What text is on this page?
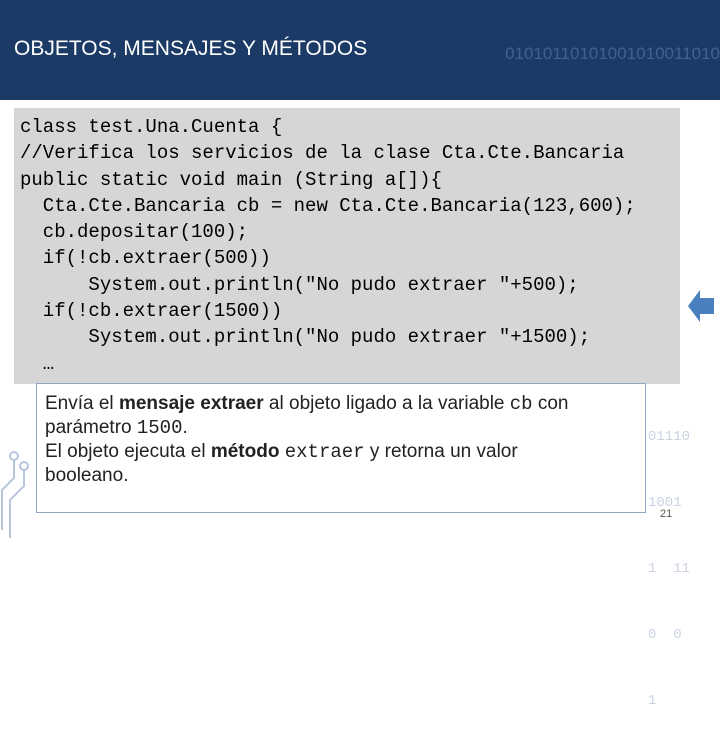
01010110101001010011010

OBJETOS, MENSAJES Y MÉTODOS

01110

1001

1  11

0  0

1

class test.Una.Cuenta {
//Verifica los servicios de la clase Cta.Cte.Bancaria
public static void main (String a[]){
Cta.Cte.Bancaria cb = new Cta.Cte.Bancaria(123,600);
cb.depositar(100);
if(!cb.extraer(500))
System.out.println("No pudo extraer "+500);
if(!cb.extraer(1500))
System.out.println("No pudo extraer "+1500);
…
Envía el mensaje extraer al objeto ligado a la variable cb con
parámetro 1500.
El objeto ejecuta el método extraer y retorna un valor
booleano.
21
